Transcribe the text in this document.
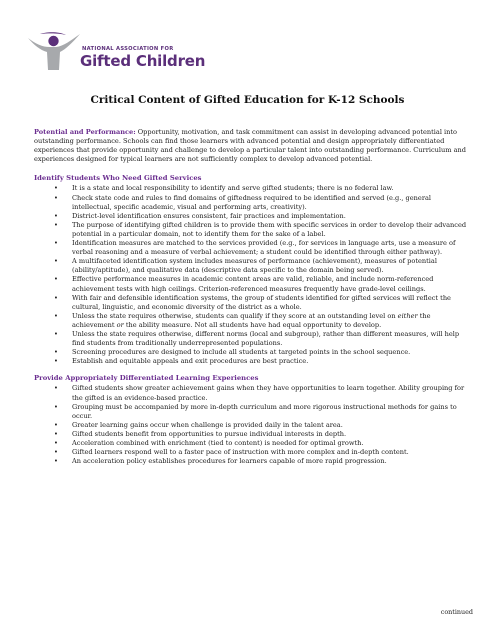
NATIONAL ASSOCIATION FOR
Gifted Children
Critical Content of Gifted Education for K-12 Schools

Potential and Performance: Opportunity, motivation, and task commitment can assist in developing advanced potential into outstanding performance. Schools can find those learners with advanced potential and design appropriately differentiated experiences that provide opportunity and challenge to develop a particular talent into outstanding performance. Curriculum and experiences designed for typical learners are not sufficiently complex to develop advanced potential.

Identify Students Who Need Gifted Services
• It is a state and local responsibility to identify and serve gifted students; there is no federal law.
• Check state code and rules to find domains of giftedness required to be identified and served (e.g., general intellectual, specific academic, visual and performing arts, creativity).
• District-level identification ensures consistent, fair practices and implementation.
• The purpose of identifying gifted children is to provide them with specific services in order to develop their advanced potential in a particular domain, not to identify them for the sake of a label.
• Identification measures are matched to the services provided (e.g., for services in language arts, use a measure of verbal reasoning and a measure of verbal achievement; a student could be identified through either pathway).
• A multifaceted identification system includes measures of performance (achievement), measures of potential (ability/aptitude), and qualitative data (descriptive data specific to the domain being served).
• Effective performance measures in academic content areas are valid, reliable, and include norm-referenced achievement tests with high ceilings. Criterion-referenced measures frequently have grade-level ceilings.
• With fair and defensible identification systems, the group of students identified for gifted services will reflect the cultural, linguistic, and economic diversity of the district as a whole.
• Unless the state requires otherwise, students can qualify if they score at an outstanding level on either the achievement or the ability measure. Not all students have had equal opportunity to develop.
• Unless the state requires otherwise, different norms (local and subgroup), rather than different measures, will help find students from traditionally underrepresented populations.
• Screening procedures are designed to include all students at targeted points in the school sequence.
• Establish and equitable appeals and exit procedures are best practice.
Provide Appropriately Differentiated Learning Experiences
• Gifted students show greater achievement gains when they have opportunities to learn together. Ability grouping for the gifted is an evidence-based practice.
• Grouping must be accompanied by more in-depth curriculum and more rigorous instructional methods for gains to occur.
• Greater learning gains occur when challenge is provided daily in the talent area.
• Gifted students benefit from opportunities to pursue individual interests in depth.
• Acceleration combined with enrichment (tied to content) is needed for optimal growth.
• Gifted learners respond well to a faster pace of instruction with more complex and in-depth content.
• An acceleration policy establishes procedures for learners capable of more rapid progression.
continued
